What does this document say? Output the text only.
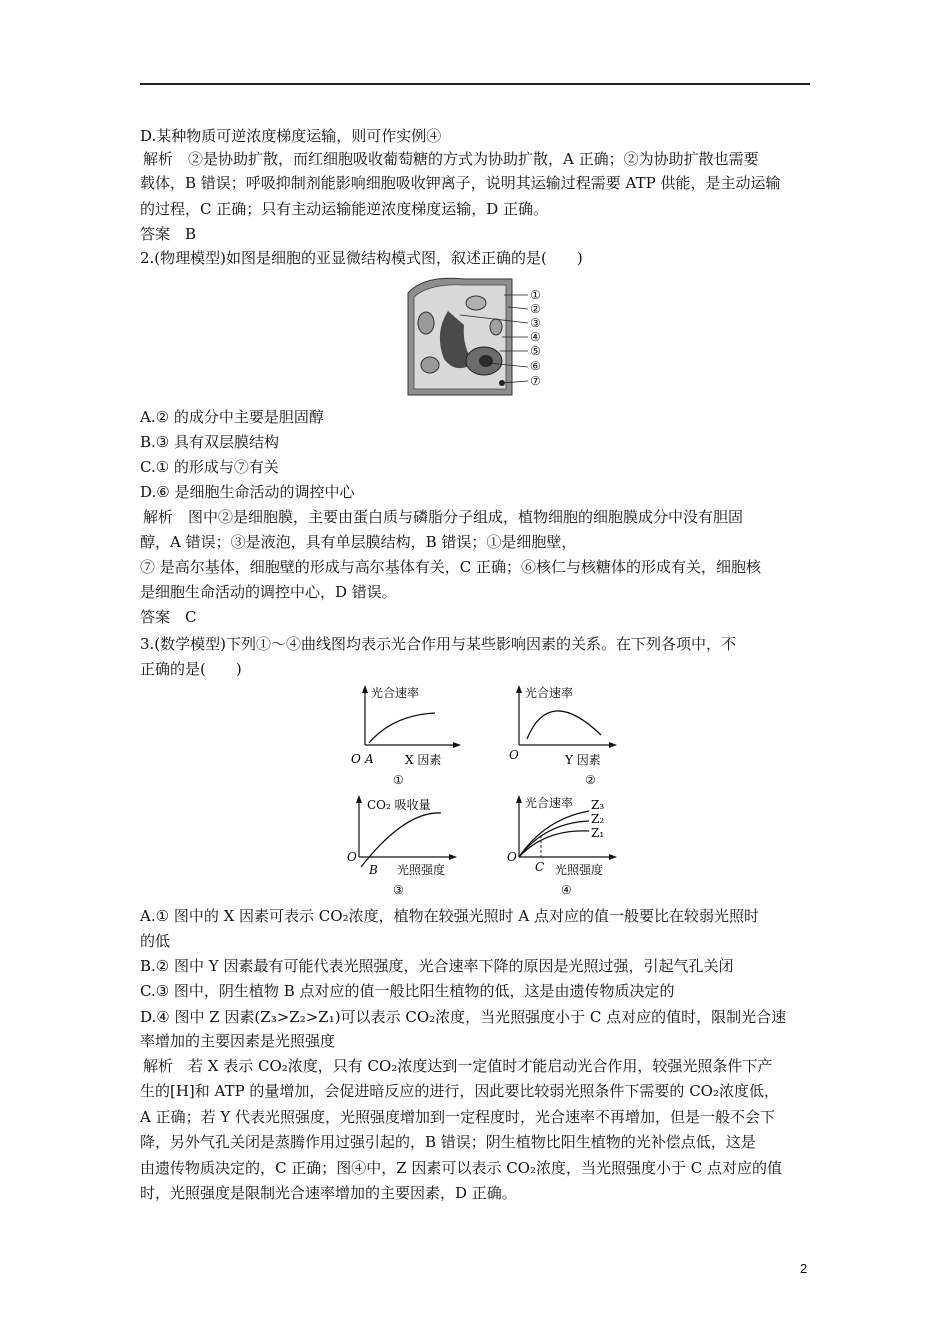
D.某种物质可逆浓度梯度运输，则可作实例④
解析　②是协助扩散，而红细胞吸收葡萄糖的方式为协助扩散，A 正确；②为协助扩散也需要
载体，B 错误；呼吸抑制剂能影响细胞吸收钾离子，说明其运输过程需要 ATP 供能，是主动运输
的过程，C 正确；只有主动运输能逆浓度梯度运输，D 正确。
答案　B
2.(物理模型)如图是细胞的亚显微结构模式图，叙述正确的是(　　)
①
②
③
④
⑤
⑥
⑦
A.② 的成分中主要是胆固醇
B.③ 具有双层膜结构
C.① 的形成与⑦有关
D.⑥ 是细胞生命活动的调控中心
解析　图中②是细胞膜，主要由蛋白质与磷脂分子组成，植物细胞的细胞膜成分中没有胆固
醇，A 错误；③是液泡，具有单层膜结构，B 错误；①是细胞壁，
⑦ 是高尔基体，细胞壁的形成与高尔基体有关，C 正确；⑥核仁与核糖体的形成有关，细胞核
是细胞生命活动的调控中心，D 错误。
答案　C
3.(数学模型)下列①～④曲线图均表示光合作用与某些影响因素的关系。在下列各项中，不
正确的是(　　)
光合速率
O A	X 因素
①
光合速率
O	Y 因素
②
CO₂ 吸收量
O
B 光照强度
③
光合速率
O
C 光照强度
Z₃
Z₂
Z₁
④
A.① 图中的 X 因素可表示 CO₂浓度，植物在较强光照时 A 点对应的值一般要比在较弱光照时
的低
B.② 图中 Y 因素最有可能代表光照强度，光合速率下降的原因是光照过强，引起气孔关闭
C.③ 图中，阴生植物 B 点对应的值一般比阳生植物的低，这是由遗传物质决定的
D.④ 图中 Z 因素(Z₃>Z₂>Z₁)可以表示 CO₂浓度，当光照强度小于 C 点对应的值时，限制光合速
率增加的主要因素是光照强度
解析　若 X 表示 CO₂浓度，只有 CO₂浓度达到一定值时才能启动光合作用，较强光照条件下产
生的[H]和 ATP 的量增加，会促进暗反应的进行，因此要比较弱光照条件下需要的 CO₂浓度低，
A 正确；若 Y 代表光照强度，光照强度增加到一定程度时，光合速率不再增加，但是一般不会下
降，另外气孔关闭是蒸腾作用过强引起的，B 错误；阴生植物比阳生植物的光补偿点低，这是
由遗传物质决定的，C 正确；图④中，Z 因素可以表示 CO₂浓度，当光照强度小于 C 点对应的值
时，光照强度是限制光合速率增加的主要因素，D 正确。
2
